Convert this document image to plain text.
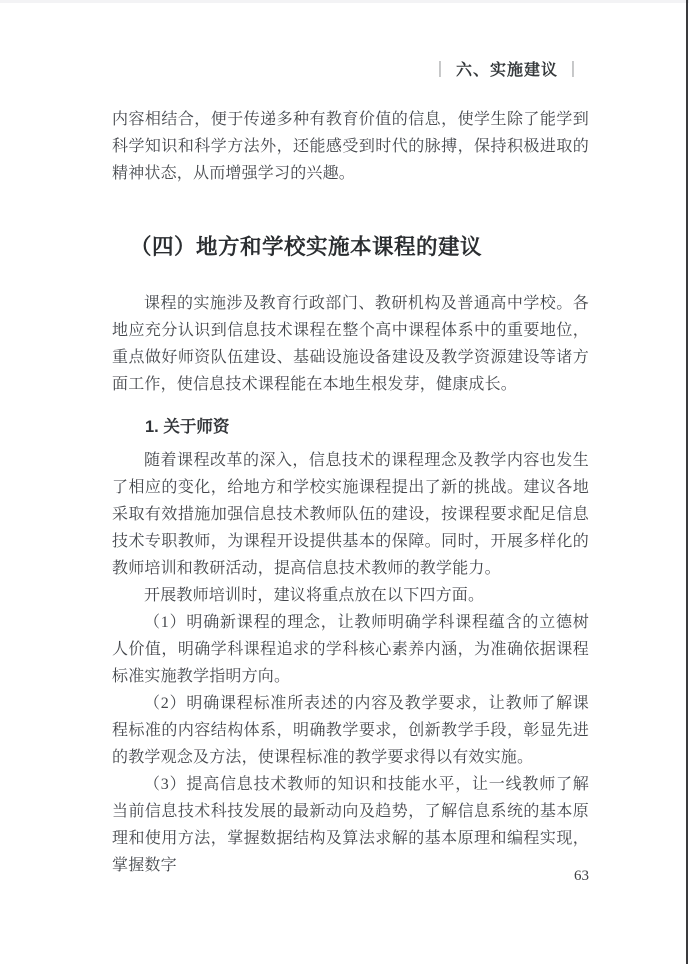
｜ 六、实施建议 ｜

内容相结合，便于传递多种有教育价值的信息，使学生除了能学到科学知识和科学方法外，还能感受到时代的脉搏，保持积极进取的精神状态，从而增强学习的兴趣。

（四）地方和学校实施本课程的建议

课程的实施涉及教育行政部门、教研机构及普通高中学校。各地应充分认识到信息技术课程在整个高中课程体系中的重要地位，重点做好师资队伍建设、基础设施设备建设及教学资源建设等诸方面工作，使信息技术课程能在本地生根发芽，健康成长。

1. 关于师资

随着课程改革的深入，信息技术的课程理念及教学内容也发生了相应的变化，给地方和学校实施课程提出了新的挑战。建议各地采取有效措施加强信息技术教师队伍的建设，按课程要求配足信息技术专职教师，为课程开设提供基本的保障。同时，开展多样化的教师培训和教研活动，提高信息技术教师的教学能力。

开展教师培训时，建议将重点放在以下四方面。

（1）明确新课程的理念，让教师明确学科课程蕴含的立德树人价值，明确学科课程追求的学科核心素养内涵，为准确依据课程标准实施教学指明方向。

（2）明确课程标准所表述的内容及教学要求，让教师了解课程标准的内容结构体系，明确教学要求，创新教学手段，彰显先进的教学观念及方法，使课程标准的教学要求得以有效实施。

（3）提高信息技术教师的知识和技能水平，让一线教师了解当前信息技术科技发展的最新动向及趋势，了解信息系统的基本原理和使用方法，掌握数据结构及算法求解的基本原理和编程实现，掌握数字

63
